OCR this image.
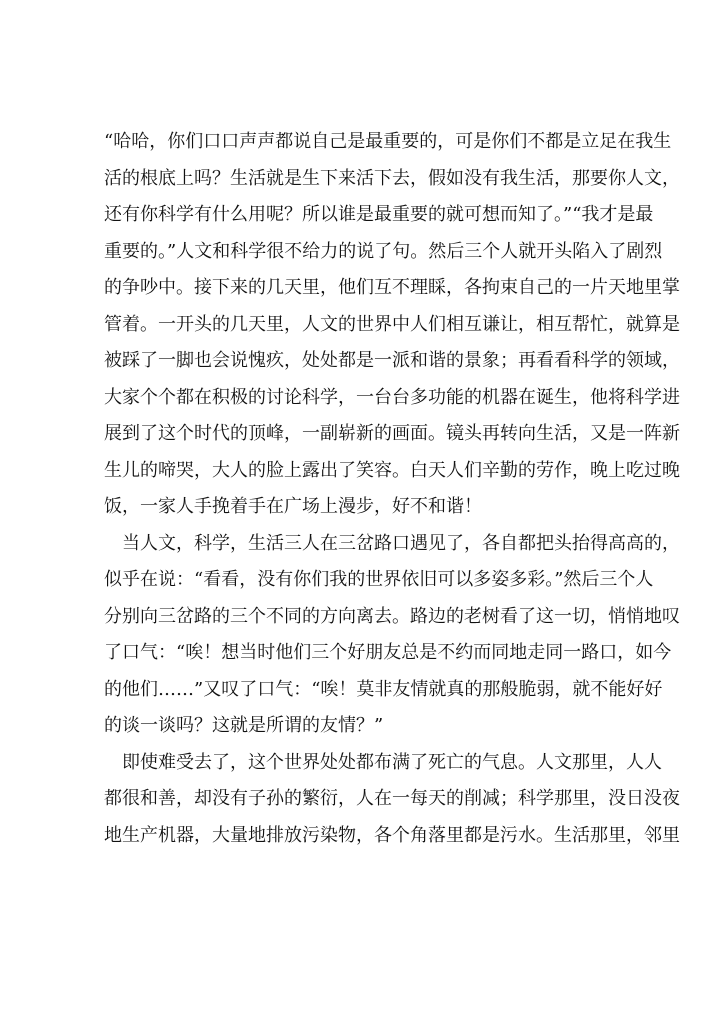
“哈哈，你们口口声声都说自己是最重要的，可是你们不都是立足在我生
活的根底上吗？生活就是生下来活下去，假如没有我生活，那要你人文，
还有你科学有什么用呢？所以谁是最重要的就可想而知了。”“我才是最
重要的。”人文和科学很不给力的说了句。然后三个人就开头陷入了剧烈
的争吵中。接下来的几天里，他们互不理睬，各拘束自己的一片天地里掌
管着。一开头的几天里，人文的世界中人们相互谦让，相互帮忙，就算是
被踩了一脚也会说愧疚，处处都是一派和谐的景象；再看看科学的领域，
大家个个都在积极的讨论科学，一台台多功能的机器在诞生，他将科学进
展到了这个时代的顶峰，一副崭新的画面。镜头再转向生活，又是一阵新
生儿的啼哭，大人的脸上露出了笑容。白天人们辛勤的劳作，晚上吃过晚
饭，一家人手挽着手在广场上漫步，好不和谐！
当人文，科学，生活三人在三岔路口遇见了，各自都把头抬得高高的，
似乎在说：“看看，没有你们我的世界依旧可以多姿多彩。”然后三个人
分别向三岔路的三个不同的方向离去。路边的老树看了这一切，悄悄地叹
了口气：“唉！想当时他们三个好朋友总是不约而同地走同一路口，如今
的他们……”又叹了口气：“唉！莫非友情就真的那般脆弱，就不能好好
的谈一谈吗？这就是所谓的友情？”
即使难受去了，这个世界处处都布满了死亡的气息。人文那里，人人
都很和善，却没有子孙的繁衍，人在一每天的削减；科学那里，没日没夜
地生产机器，大量地排放污染物，各个角落里都是污水。生活那里，邻里
